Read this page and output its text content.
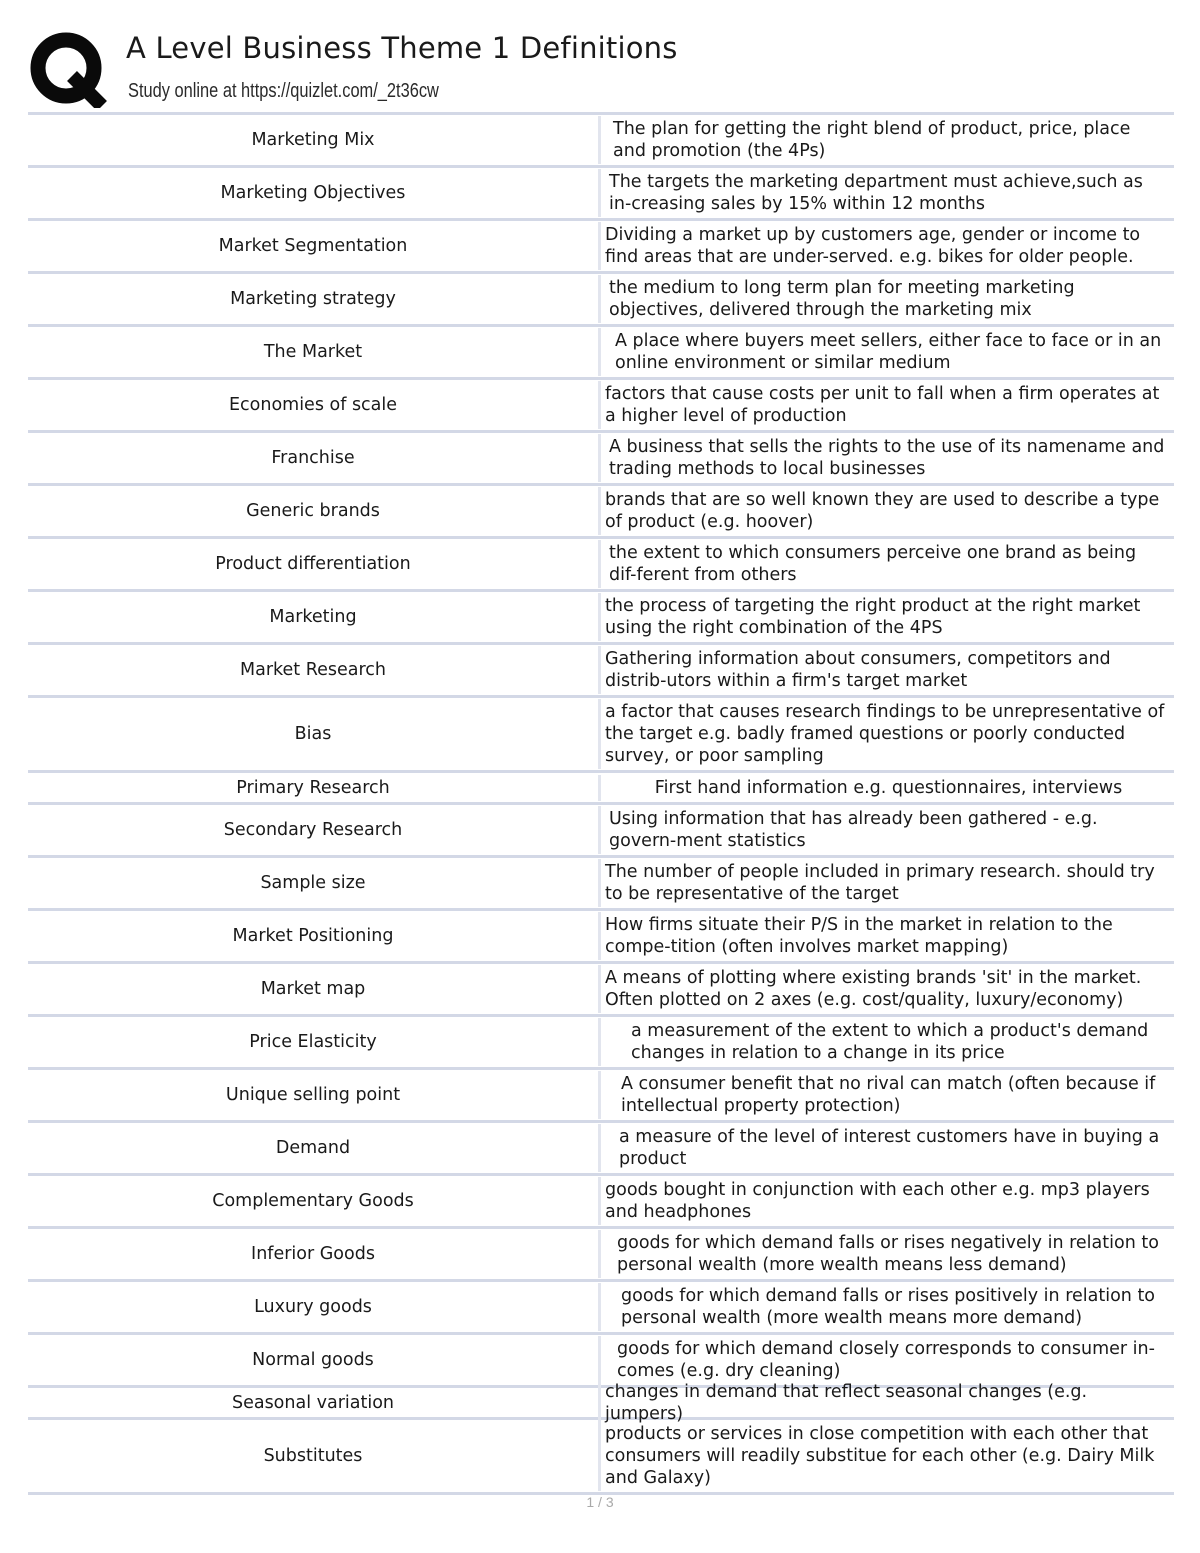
A Level Business Theme 1 Definitions
Study online at https://quizlet.com/_2t36cw
Marketing Mix
The plan for getting the right blend of product, price, place and promotion (the 4Ps)
Marketing Objectives
The targets the marketing department must achieve,such as in-creasing sales by 15% within 12 months
Market Segmentation
Dividing a market up by customers age, gender or income to find areas that are under-served. e.g. bikes for older people.
Marketing strategy
the medium to long term plan for meeting marketing objectives, delivered through the marketing mix
The Market
A place where buyers meet sellers, either face to face or in an online environment or similar medium
Economies of scale
factors that cause costs per unit to fall when a firm operates at a higher level of production
Franchise
A business that sells the rights to the use of its namename and trading methods to local businesses
Generic brands
brands that are so well known they are used to describe a type of product (e.g. hoover)
Product differentiation
the extent to which consumers perceive one brand as being dif-ferent from others
Marketing
the process of targeting the right product at the right market using the right combination of the 4PS
Market Research
Gathering information about consumers, competitors and distrib-utors within a firm's target market
Bias
a factor that causes research findings to be unrepresentative of the target e.g. badly framed questions or poorly conducted survey, or poor sampling
Primary Research	First hand information e.g. questionnaires, interviews
Secondary Research
Using information that has already been gathered - e.g. govern-ment statistics
Sample size
The number of people included in primary research. should try to be representative of the target
Market Positioning
How firms situate their P/S in the market in relation to the compe-tition (often involves market mapping)
Market map
A means of plotting where existing brands 'sit' in the market. Often plotted on 2 axes (e.g. cost/quality, luxury/economy)
Price Elasticity
a measurement of the extent to which a product's demand changes in relation to a change in its price
Unique selling point
A consumer benefit that no rival can match (often because if intellectual property protection)
Demand
a measure of the level of interest customers have in buying a product
Complementary Goods
goods bought in conjunction with each other e.g. mp3 players and headphones
Inferior Goods
goods for which demand falls or rises negatively in relation to personal wealth (more wealth means less demand)
Luxury goods
goods for which demand falls or rises positively in relation to personal wealth (more wealth means more demand)
Normal goods
goods for which demand closely corresponds to consumer in-comes (e.g. dry cleaning)
Seasonal variation
changes in demand that reflect seasonal changes (e.g. jumpers)
Substitutes
products or services in close competition with each other that consumers will readily substitue for each other (e.g. Dairy Milk and Galaxy)
1 / 3
